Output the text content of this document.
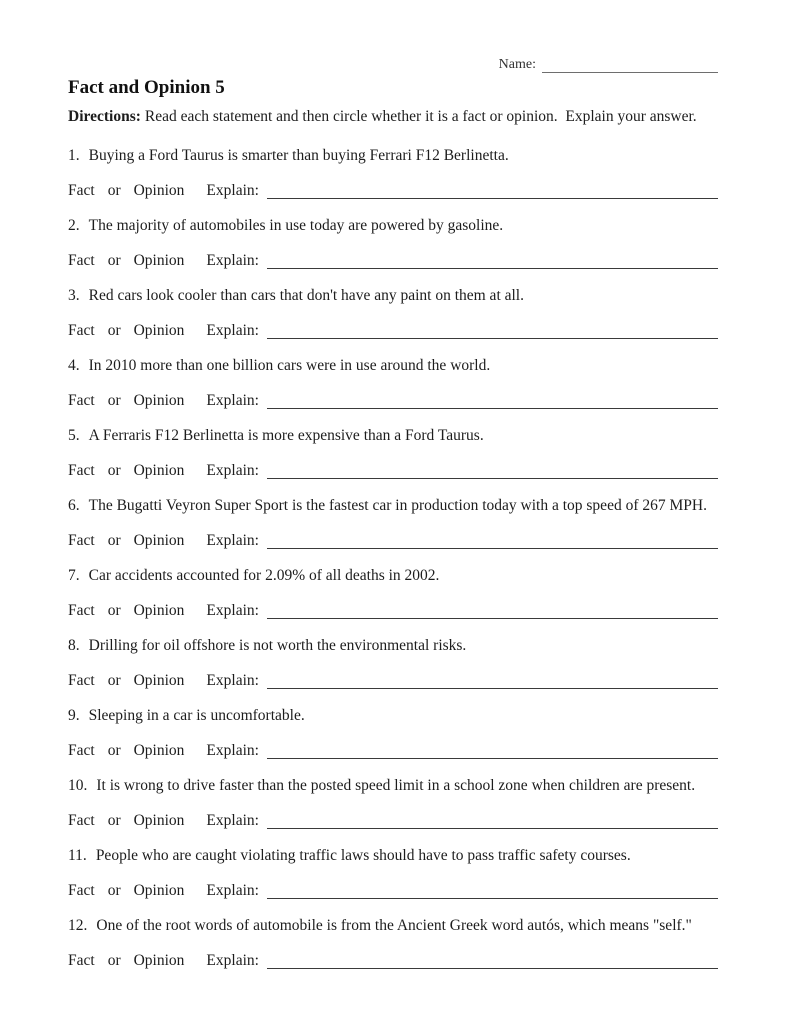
Name:
Fact and Opinion 5

Directions: Read each statement and then circle whether it is a fact or opinion.  Explain your answer.

1. Buying a Ford Taurus is smarter than buying Ferrari F12 Berlinetta.

Fact or Opinion Explain:

2. The majority of automobiles in use today are powered by gasoline.

Fact or Opinion Explain:

3. Red cars look cooler than cars that don't have any paint on them at all.

Fact or Opinion Explain:

4. In 2010 more than one billion cars were in use around the world.

Fact or Opinion Explain:

5. A Ferraris F12 Berlinetta is more expensive than a Ford Taurus.

Fact or Opinion Explain:

6. The Bugatti Veyron Super Sport is the fastest car in production today with a top speed of 267 MPH.

Fact or Opinion Explain:

7. Car accidents accounted for 2.09% of all deaths in 2002.

Fact or Opinion Explain:

8. Drilling for oil offshore is not worth the environmental risks.

Fact or Opinion Explain:

9. Sleeping in a car is uncomfortable.

Fact or Opinion Explain:

10. It is wrong to drive faster than the posted speed limit in a school zone when children are present.

Fact or Opinion Explain:

11. People who are caught violating traffic laws should have to pass traffic safety courses.

Fact or Opinion Explain:

12. One of the root words of automobile is from the Ancient Greek word autós, which means "self."

Fact or Opinion Explain:
